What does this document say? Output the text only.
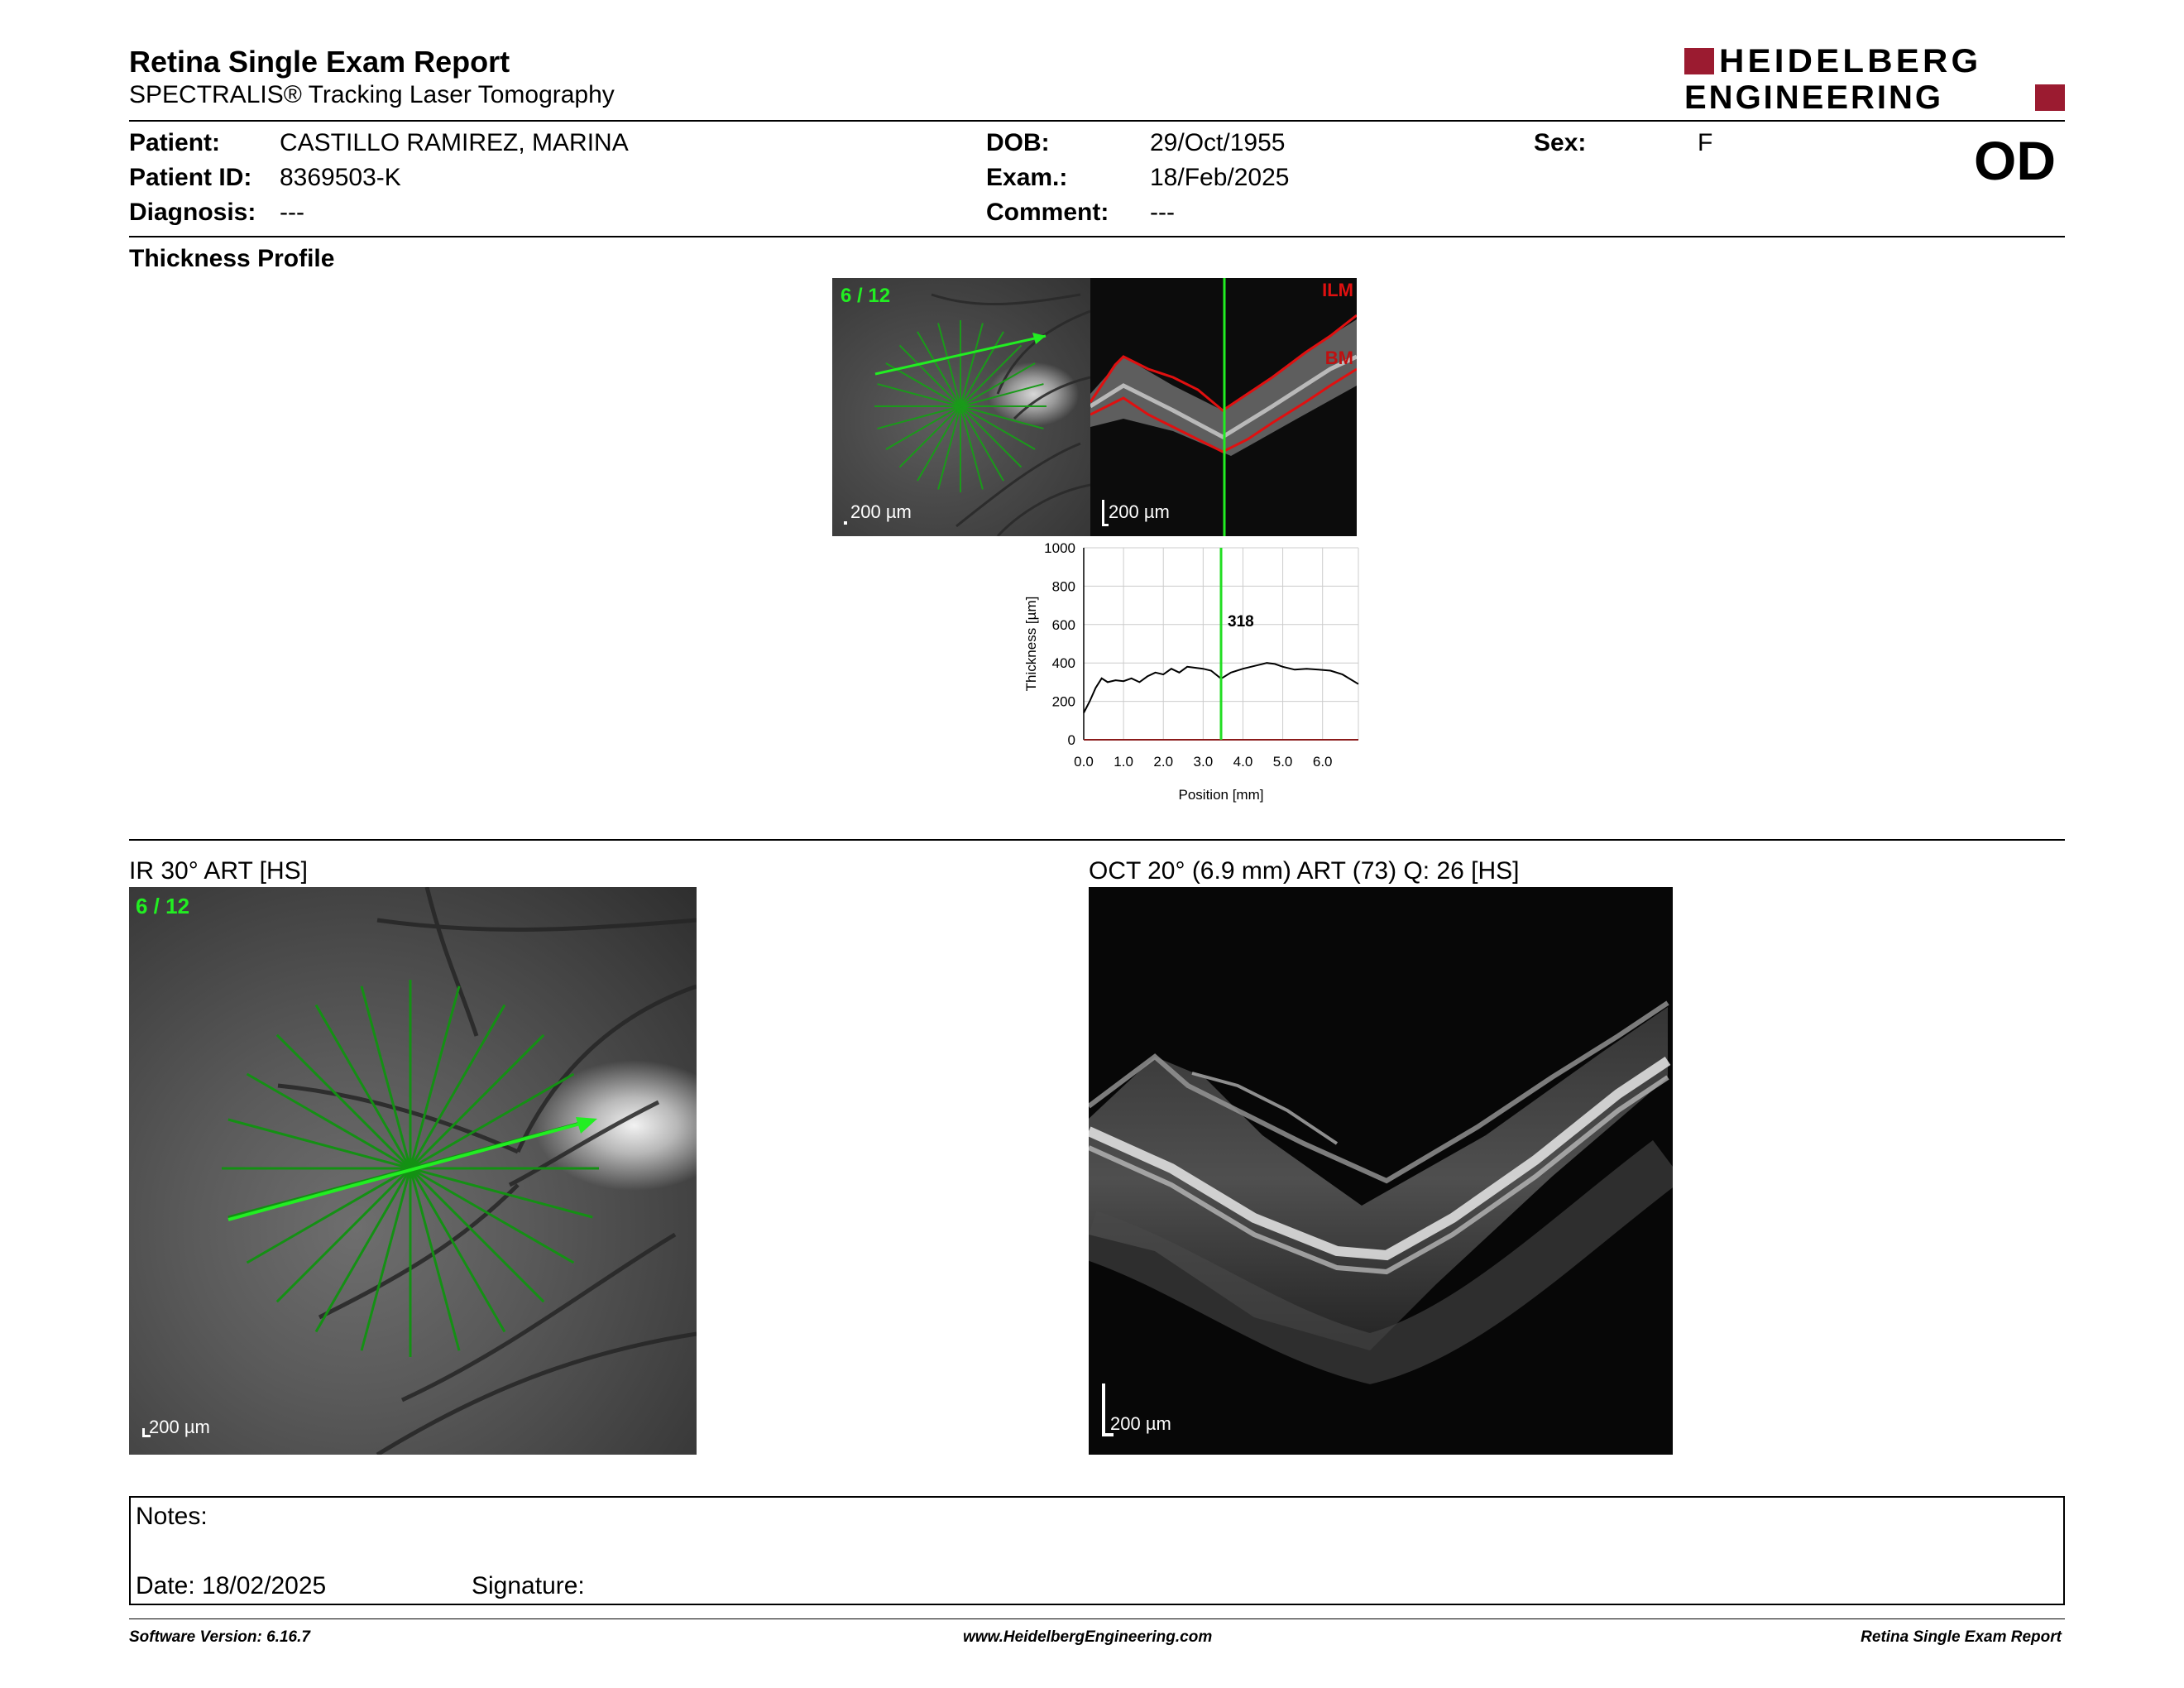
Retina Single Exam Report
SPECTRALIS® Tracking Laser Tomography
HEIDELBERG
ENGINEERING
Patient: CASTILLO RAMIREZ, MARINA
Patient ID: 8369503-K
Diagnosis: ---
DOB:	29/Oct/1955
Exam.:	18/Feb/2025
Comment: ---
Sex:	F	OD
Thickness Profile
6 / 12
200 µm
ILM
BM
200 µm
0
200
400
600
800
1000
0.0 1.0 2.0 3.0 4.0 5.0 6.0
318
Position [mm]
Thickness [µm]
IR 30° ART [HS]	OCT 20° (6.9 mm) ART (73) Q: 26 [HS]
6 / 12
200 µm	200 µm
Notes:
Date: 18/02/2025	Signature:
Software Version: 6.16.7	www.HeidelbergEngineering.com	Retina Single Exam Report
